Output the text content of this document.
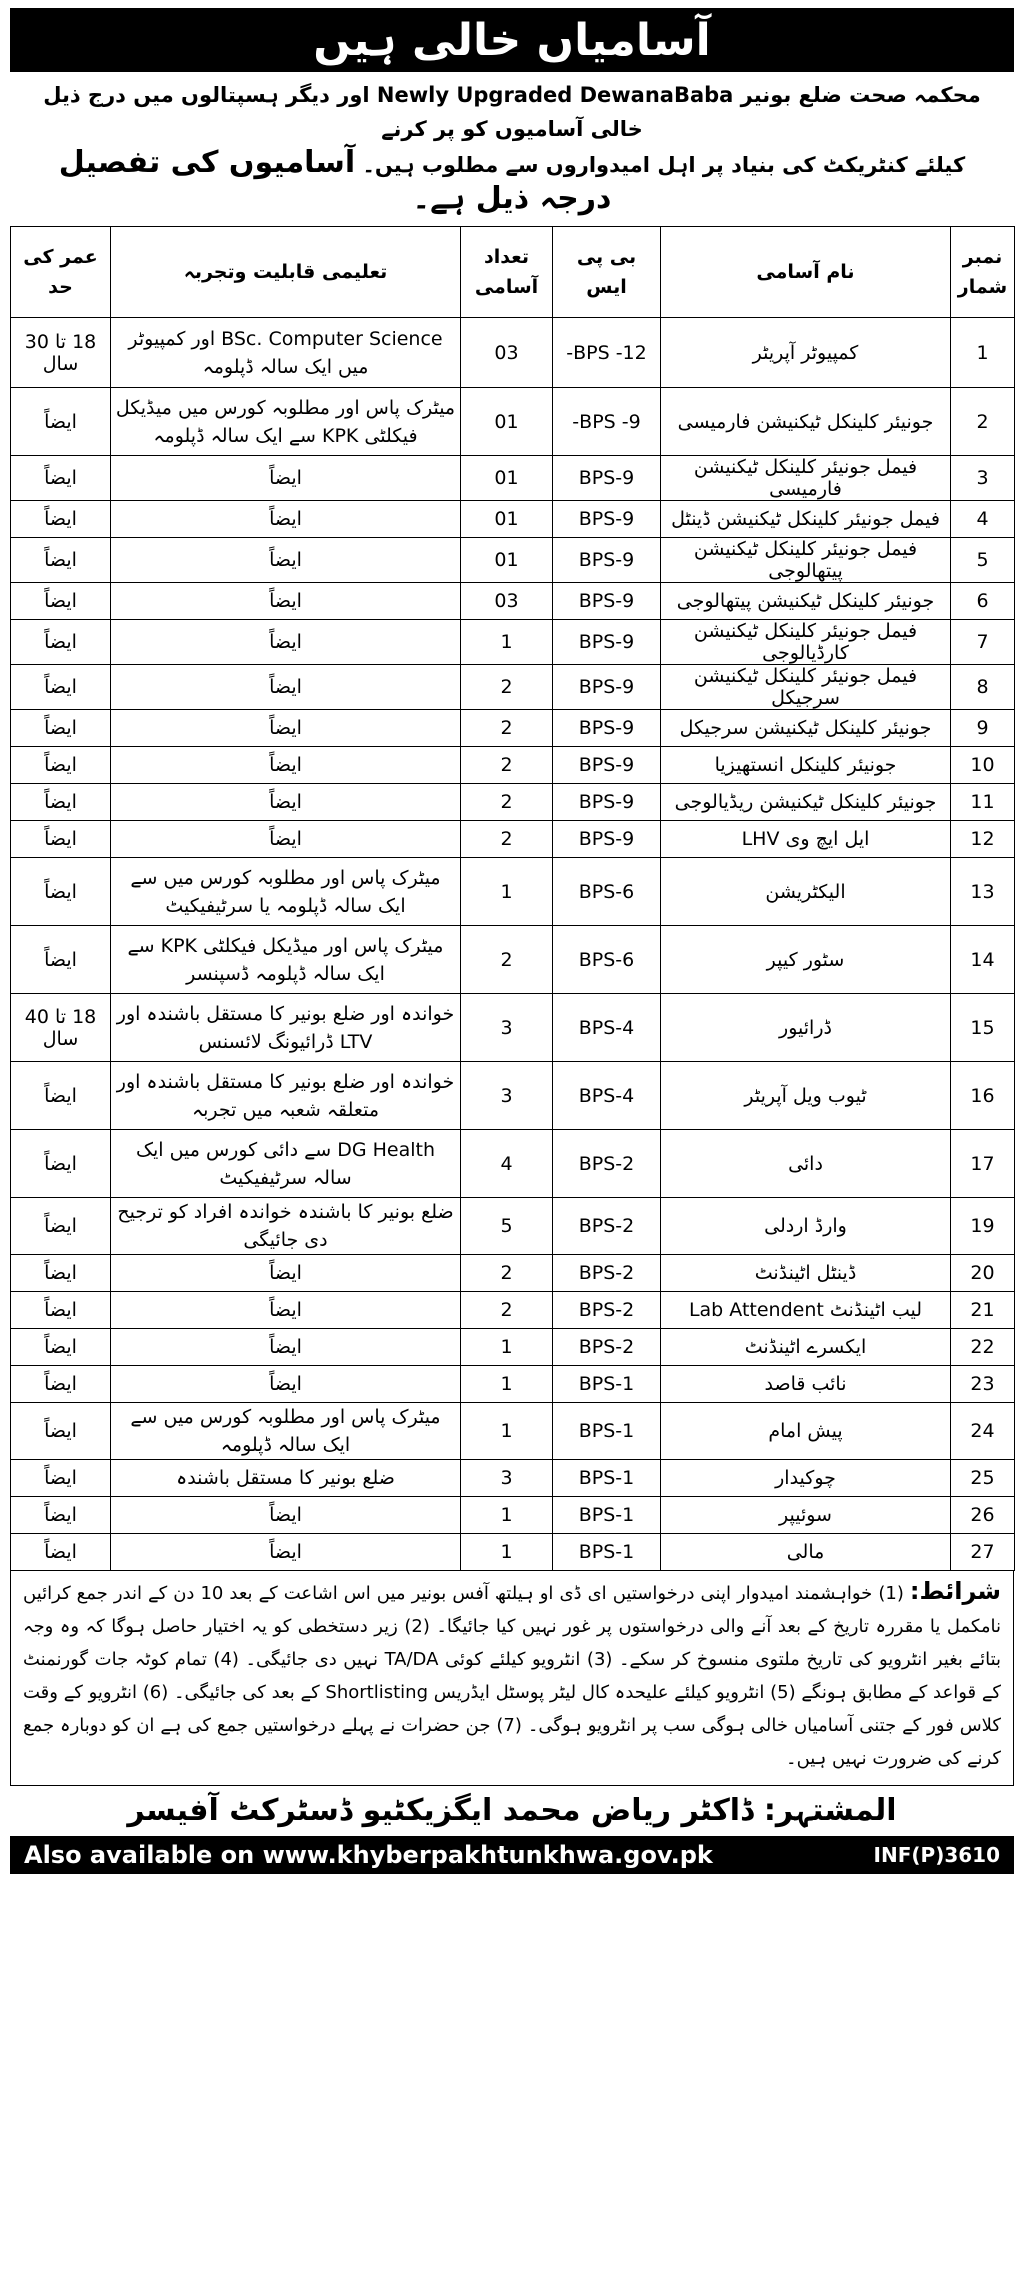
آسامیاں خالی ہیں
محکمہ صحت ضلع بونیر Newly Upgraded DewanaBaba اور دیگر ہسپتالوں میں درج ذیل خالی آسامیوں کو پر کرنے
کیلئے کنٹریکٹ کی بنیاد پر اہل امیدواروں سے مطلوب ہیں۔ آسامیوں کی تفصیل درجہ ذیل ہے۔
نمبر شمار	نام آسامی	بی پی ایس	تعداد آسامی	تعلیمی قابلیت وتجربہ	عمر کی حد
1	کمپیوٹر آپریٹر	BPS -12-	03	BSc. Computer Science اور کمپیوٹر میں ایک سالہ ڈپلومہ	18 تا 30 سال
2	جونیئر کلینکل ٹیکنیشن فارمیسی	BPS -9-	01	میٹرک پاس اور مطلوبہ کورس میں میڈیکل فیکلٹی KPK سے ایک سالہ ڈپلومہ	ایضاً
3	فیمل جونیئر کلینکل ٹیکنیشن فارمیسی	BPS-9	01	ایضاً	ایضاً
4	فیمل جونیئر کلینکل ٹیکنیشن ڈینٹل	BPS-9	01	ایضاً	ایضاً
5	فیمل جونیئر کلینکل ٹیکنیشن پیتھالوجی	BPS-9	01	ایضاً	ایضاً
6	جونیئر کلینکل ٹیکنیشن پیتھالوجی	BPS-9	03	ایضاً	ایضاً
7	فیمل جونیئر کلینکل ٹیکنیشن کارڈیالوجی	BPS-9	1	ایضاً	ایضاً
8	فیمل جونیئر کلینکل ٹیکنیشن سرجیکل	BPS-9	2	ایضاً	ایضاً
9	جونیئر کلینکل ٹیکنیشن سرجیکل	BPS-9	2	ایضاً	ایضاً
10	جونیئر کلینکل انستھیزیا	BPS-9	2	ایضاً	ایضاً
11	جونیئر کلینکل ٹیکنیشن ریڈیالوجی	BPS-9	2	ایضاً	ایضاً
12	ایل ایچ وی LHV	BPS-9	2	ایضاً	ایضاً
13	الیکٹریشن	BPS-6	1	میٹرک پاس اور مطلوبہ کورس میں سے ایک سالہ ڈپلومہ یا سرٹیفیکیٹ	ایضاً
14	سٹور کیپر	BPS-6	2	میٹرک پاس اور میڈیکل فیکلٹی KPK سے ایک سالہ ڈپلومہ ڈسپنسر	ایضاً
15	ڈرائیور	BPS-4	3	خواندہ اور ضلع بونیر کا مستقل باشندہ اور LTV ڈرائیونگ لائسنس	18 تا 40 سال
16	ٹیوب ویل آپریٹر	BPS-4	3	خواندہ اور ضلع بونیر کا مستقل باشندہ اور متعلقہ شعبہ میں تجربہ	ایضاً
17	دائی	BPS-2	4	DG Health سے دائی کورس میں ایک سالہ سرٹیفیکیٹ	ایضاً
19	وارڈ اردلی	BPS-2	5	ضلع بونیر کا باشندہ خواندہ افراد کو ترجیح دی جائیگی	ایضاً
20	ڈینٹل اٹینڈنٹ	BPS-2	2	ایضاً	ایضاً
21	لیب اٹینڈنٹ Lab Attendent	BPS-2	2	ایضاً	ایضاً
22	ایکسرے اٹینڈنٹ	BPS-2	1	ایضاً	ایضاً
23	نائب قاصد	BPS-1	1	ایضاً	ایضاً
24	پیش امام	BPS-1	1	میٹرک پاس اور مطلوبہ کورس میں سے ایک سالہ ڈپلومہ	ایضاً
25	چوکیدار	BPS-1	3	ضلع بونیر کا مستقل باشندہ	ایضاً
26	سوئیپر	BPS-1	1	ایضاً	ایضاً
27	مالی	BPS-1	1	ایضاً	ایضاً
شرائط: (1) خواہشمند امیدوار اپنی درخواستیں ای ڈی او ہیلتھ آفس بونیر میں اس اشاعت کے بعد 10 دن کے اندر جمع کرائیں نامکمل یا مقررہ تاریخ کے بعد آنے والی درخواستوں پر غور نہیں کیا جائیگا۔ (2) زیر دستخطی کو یہ اختیار حاصل ہوگا کہ وہ وجہ بتائے بغیر انٹرویو کی تاریخ ملتوی منسوخ کر سکے۔ (3) انٹرویو کیلئے کوئی TA/DA نہیں دی جائیگی۔ (4) تمام کوٹہ جات گورنمنٹ کے قواعد کے مطابق ہونگے (5) انٹرویو کیلئے علیحدہ کال لیٹر پوسٹل ایڈریس Shortlisting کے بعد کی جائیگی۔ (6) انٹرویو کے وقت کلاس فور کے جتنی آسامیاں خالی ہوگی سب پر انٹرویو ہوگی۔ (7) جن حضرات نے پہلے درخواستیں جمع کی ہے ان کو دوبارہ جمع کرنے کی ضرورت نہیں ہیں۔
المشتہر: ڈاکٹر ریاض محمد ایگزیکٹیو ڈسٹرکٹ آفیسر
Also available on www.khyberpakhtunkhwa.gov.pk	INF(P)3610
